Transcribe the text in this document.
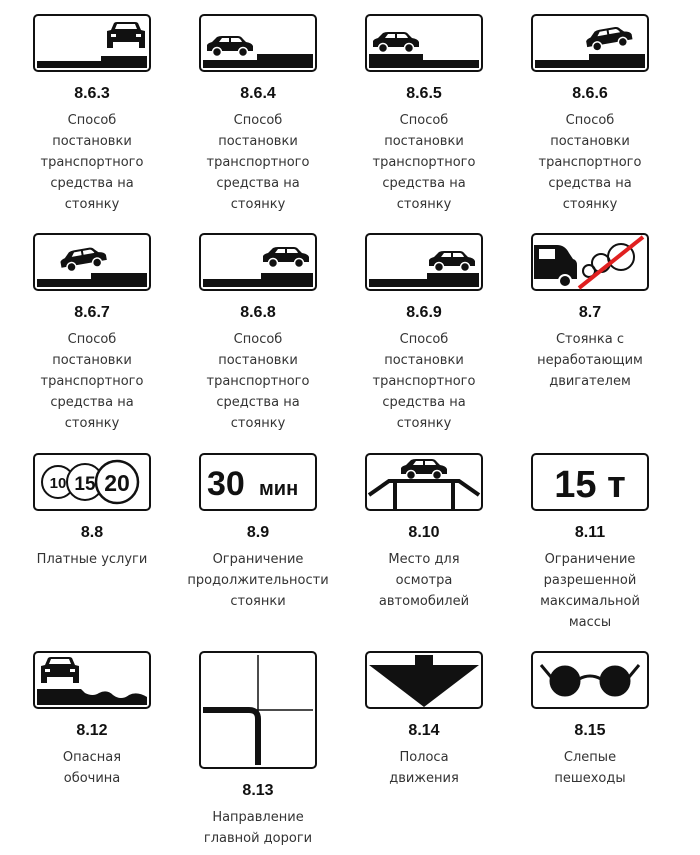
8.6.3
Способ
постановки
транспортного
средства на
стоянку
8.6.4
Способ
постановки
транспортного
средства на
стоянку
8.6.5
Способ
постановки
транспортного
средства на
стоянку
8.6.6
Способ
постановки
транспортного
средства на
стоянку
8.6.7
Способ
постановки
транспортного
средства на
стоянку
8.6.8
Способ
постановки
транспортного
средства на
стоянку
8.6.9
Способ
постановки
транспортного
средства на
стоянку
8.7
Стоянка с
неработающим
двигателем
10 15 20
8.8
Платные услуги
30 мин
8.9
Ограничение
продолжительности
стоянки
8.10
Место для
осмотра
автомобилей
15 т
8.11
Ограничение
разрешенной
максимальной
массы
8.12
Опасная
обочина
8.13
Направление
главной дороги
8.14
Полоса
движения
8.15
Слепые
пешеходы
